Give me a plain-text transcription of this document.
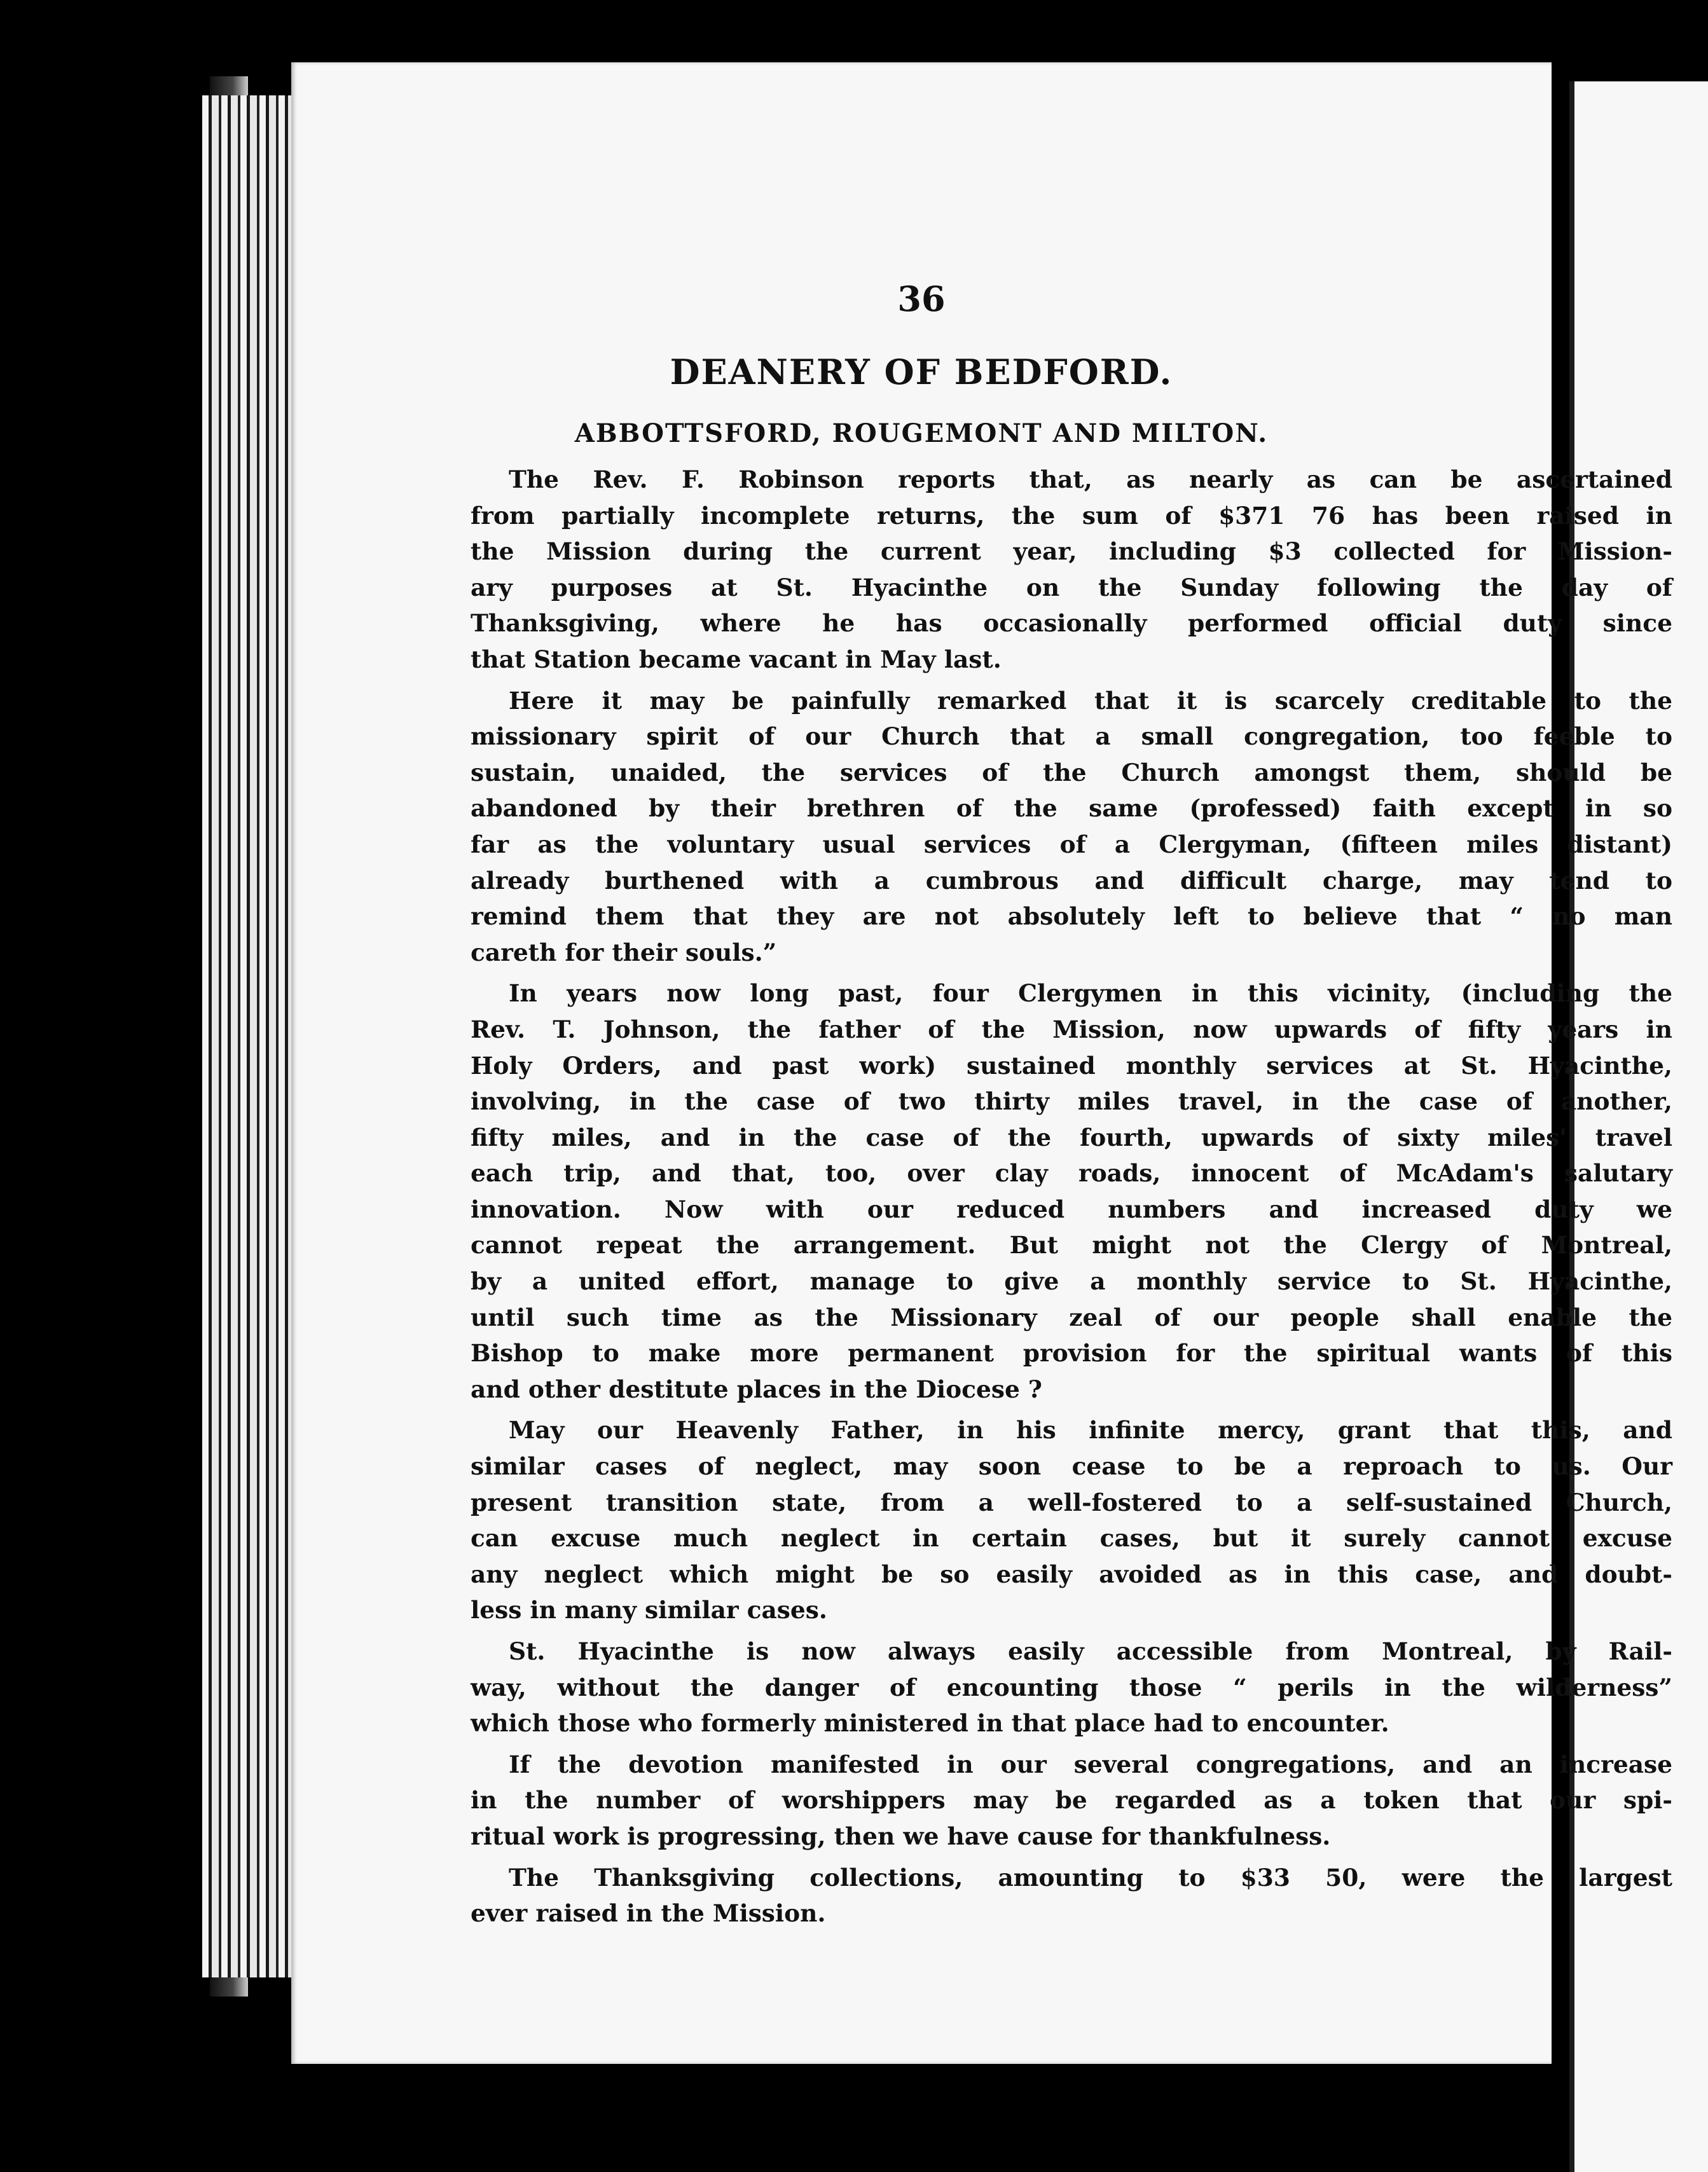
36
DEANERY OF BEDFORD.
ABBOTTSFORD, ROUGEMONT AND MILTON.
The Rev. F. Robinson reports that, as nearly as can be ascertained
from partially incomplete returns, the sum of $371 76 has been raised in
the Mission during the current year, including $3 collected for Mission-
ary purposes at St. Hyacinthe on the Sunday following the day of
Thanksgiving, where he has occasionally performed official duty since
that Station became vacant in May last.
Here it may be painfully remarked that it is scarcely creditable to the
missionary spirit of our Church that a small congregation, too feeble to
sustain, unaided, the services of the Church amongst them, should be
abandoned by their brethren of the same (professed) faith except in so
far as the voluntary usual services of a Clergyman, (fifteen miles distant)
already burthened with a cumbrous and difficult charge, may tend to
remind them that they are not absolutely left to believe that “ no man
careth for their souls.”
In years now long past, four Clergymen in this vicinity, (including the
Rev. T. Johnson, the father of the Mission, now upwards of fifty years in
Holy Orders, and past work) sustained monthly services at St. Hyacinthe,
involving, in the case of two thirty miles travel, in the case of another,
fifty miles, and in the case of the fourth, upwards of sixty miles' travel
each trip, and that, too, over clay roads, innocent of McAdam's salutary
innovation. Now with our reduced numbers and increased duty we
cannot repeat the arrangement. But might not the Clergy of Montreal,
by a united effort, manage to give a monthly service to St. Hyacinthe,
until such time as the Missionary zeal of our people shall enable the
Bishop to make more permanent provision for the spiritual wants of this
and other destitute places in the Diocese ?
May our Heavenly Father, in his infinite mercy, grant that this, and
similar cases of neglect, may soon cease to be a reproach to us. Our
present transition state, from a well-fostered to a self-sustained Church,
can excuse much neglect in certain cases, but it surely cannot excuse
any neglect which might be so easily avoided as in this case, and doubt-
less in many similar cases.
St. Hyacinthe is now always easily accessible from Montreal, by Rail-
way, without the danger of encounting those “ perils in the wilderness”
which those who formerly ministered in that place had to encounter.
If the devotion manifested in our several congregations, and an increase
in the number of worshippers may be regarded as a token that our spi-
ritual work is progressing, then we have cause for thankfulness.
The Thanksgiving collections, amounting to $33 50, were the largest
ever raised in the Mission.
